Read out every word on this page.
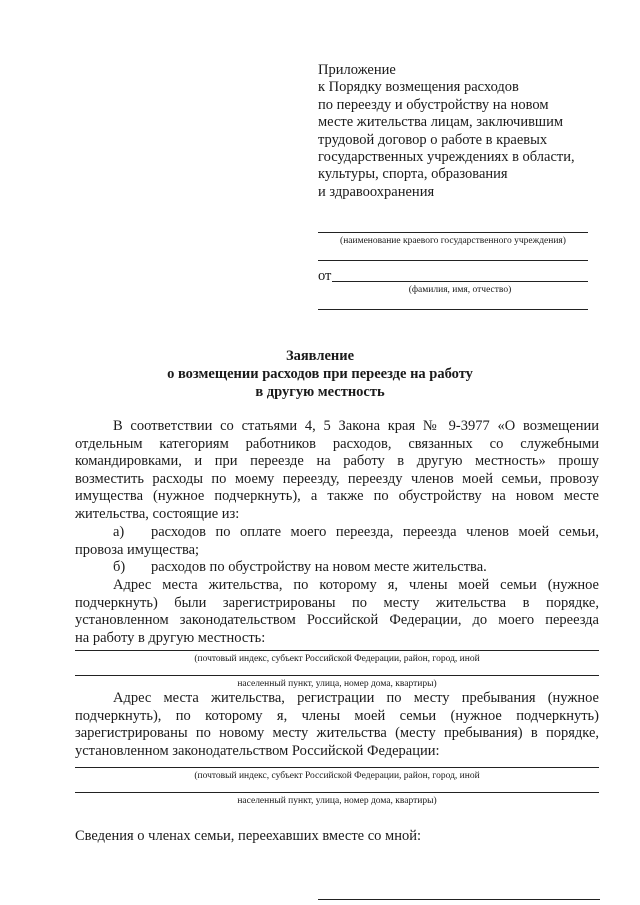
Приложение
к Порядку возмещения расходов
по переезду и обустройству на новом
месте жительства лицам, заключившим
трудовой договор о работе в краевых
государственных учреждениях в области,
культуры, спорта, образования
и здравоохранения
(наименование краевого государственного учреждения)
от
(фамилия, имя, отчество)
Заявление
о возмещении расходов при переезде на работу
в другую местность
В соответствии со статьями 4, 5 Закона края № 9-3977 «О возмещении
отдельным категориям работников расходов, связанных со служебными
командировками, и при переезде на работу в другую местность» прошу
возместить расходы по моему переезду, переезду членов моей семьи, провозу
имущества (нужное подчеркнуть), а также по обустройству на новом месте
жительства, состоящие из:
а) расходов по оплате моего переезда, переезда членов моей семьи,
провоза имущества;
б) расходов по обустройству на новом месте жительства.
Адрес места жительства, по которому я, члены моей семьи (нужное
подчеркнуть) были зарегистрированы по месту жительства в порядке,
установленном законодательством Российской Федерации, до моего переезда
на работу в другую местность:
(почтовый индекс, субъект Российской Федерации, район, город, иной
населенный пункт, улица, номер дома, квартиры)
Адрес места жительства, регистрации по месту пребывания (нужное
подчеркнуть), по которому я, члены моей семьи (нужное подчеркнуть)
зарегистрированы по новому месту жительства (месту пребывания) в порядке,
установленном законодательством Российской Федерации:
(почтовый индекс, субъект Российской Федерации, район, город, иной
населенный пункт, улица, номер дома, квартиры)
Сведения о членах семьи, переехавших вместе со мной:
